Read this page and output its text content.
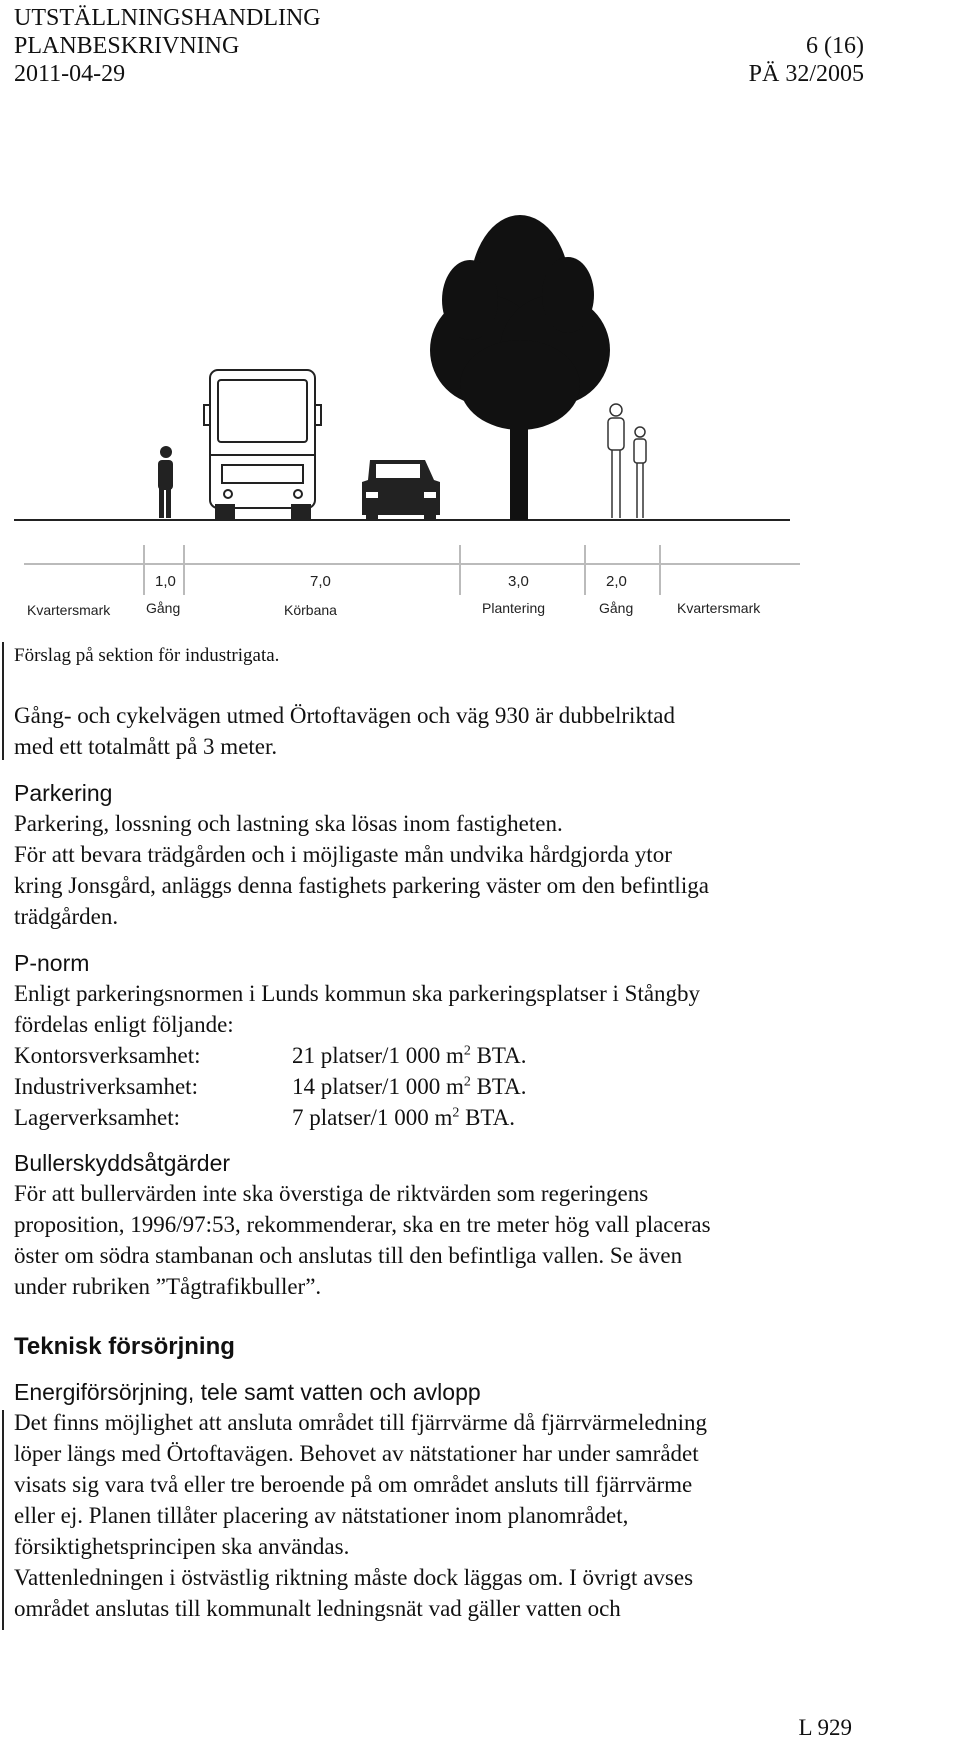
UTSTÄLLNINGSHANDLING
PLANBESKRIVNING	6 (16)
2011-04-29	PÄ 32/2005
1,0	7,0	3,0	2,0
Kvartersmark	Gång	Körbana	Plantering	Gång	Kvartersmark
Förslag på sektion för industrigata.

Gång- och cykelvägen utmed Örtoftavägen och väg 930 är dubbelriktad

med ett totalmått på 3 meter.

Parkering

Parkering, lossning och lastning ska lösas inom fastigheten.

För att bevara trädgården och i möjligaste mån undvika hårdgjorda ytor

kring Jonsgård, anläggs denna fastighets parkering väster om den befintliga

trädgården.

P-norm

Enligt parkeringsnormen i Lunds kommun ska parkeringsplatser i Stångby

fördelas enligt följande:

Kontorsverksamhet:	21 platser/1 000 $m^2$ BTA.
Industriverksamhet:	14 platser/1 000 $m^2$ BTA.
Lagerverksamhet:	7 platser/1 000 $m^2$ BTA.
Bullerskyddsåtgärder

För att bullervärden inte ska överstiga de riktvärden som regeringens

proposition, 1996/97:53, rekommenderar, ska en tre meter hög vall placeras

öster om södra stambanan och anslutas till den befintliga vallen. Se även

under rubriken ”Tågtrafikbuller”.

Teknisk försörjning
Energiförsörjning, tele samt vatten och avlopp

Det finns möjlighet att ansluta området till fjärrvärme då fjärrvärmeledning

löper längs med Örtoftavägen. Behovet av nätstationer har under samrådet

visats sig vara två eller tre beroende på om området ansluts till fjärrvärme

eller ej. Planen tillåter placering av nätstationer inom planområdet,

försiktighetsprincipen ska användas.

Vattenledningen i östvästlig riktning måste dock läggas om. I övrigt avses

området anslutas till kommunalt ledningsnät vad gäller vatten och

L 929
